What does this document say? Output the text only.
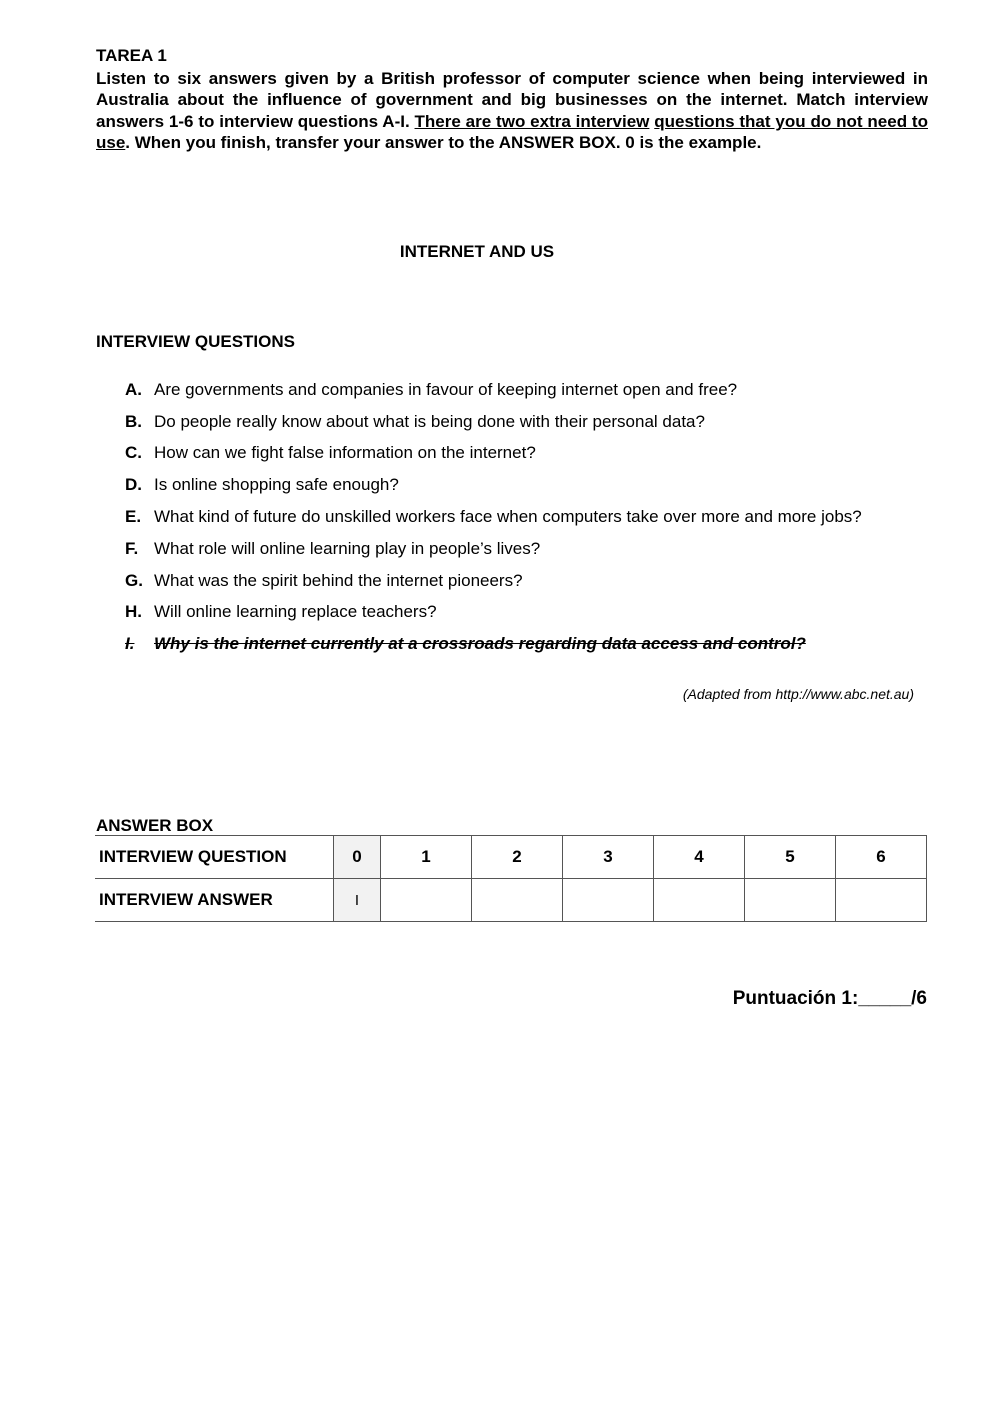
TAREA 1
Listen to six answers given by a British professor of computer science when being interviewed in Australia about the influence of government and big businesses on the internet. Match interview answers 1-6 to interview questions A-I. There are two extra interview questions that you do not need to use. When you finish, transfer your answer to the ANSWER BOX. 0 is the example.
INTERNET AND US
INTERVIEW QUESTIONS
A. Are governments and companies in favour of keeping internet open and free?
B. Do people really know about what is being done with their personal data?
C. How can we fight false information on the internet?
D. Is online shopping safe enough?
E. What kind of future do unskilled workers face when computers take over more and more jobs?
F. What role will online learning play in people’s lives?
G. What was the spirit behind the internet pioneers?
H. Will online learning replace teachers?
I.	Why is the internet currently at a crossroads regarding data access and control?
(Adapted from http://www.abc.net.au)
ANSWER BOX
INTERVIEW QUESTION	0	1	2	3	4	5	6
INTERVIEW ANSWER	I						
Puntuación 1:_____/6
